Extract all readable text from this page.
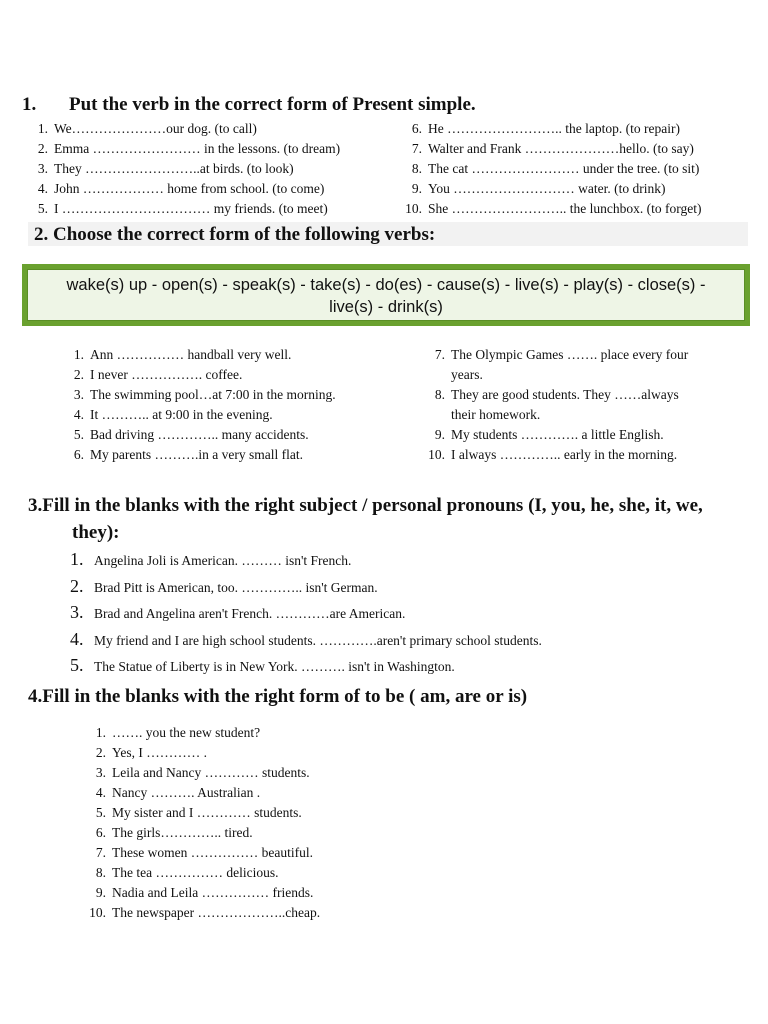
1. Put the verb in the correct form of Present simple.
1. We…………………our dog. (to call)
2. Emma …………………… in the lessons. (to dream)
3. They ……………………..at birds. (to look)
4. John ……………… home from school. (to come)
5. I …………………………… my friends. (to meet)
6. He …………………….. the laptop. (to repair)
7. Walter and Frank …………………hello. (to say)
8. The cat …………………… under the tree. (to sit)
9. You ……………………… water. (to drink)
10. She …………………….. the lunchbox. (to forget)
2. Choose the correct form of the following verbs:
wake(s) up - open(s) - speak(s) - take(s) - do(es) - cause(s) - live(s) - play(s) - close(s) -
live(s) - drink(s)
1. Ann …………… handball very well.
2. I never ……………. coffee.
3. The swimming pool…at 7:00 in the morning.
4. It ……….. at 9:00 in the evening.
5. Bad driving ………….. many accidents.
6. My parents ……….in a very small flat.
7. The Olympic Games ……. place every four
years.
8. They are good students. They ……always
their homework.
9. My students …………. a little English.
10. I always ………….. early in the morning.
3.Fill in the blanks with the right subject / personal pronouns (I, you, he, she, it, we,
they):
1. Angelina Joli is American. ……… isn't French.
2. Brad Pitt is American, too. ………….. isn't German.
3. Brad and Angelina aren't French. …………are American.
4. My friend and I are high school students. ………….aren't primary school students.
5. The Statue of Liberty is in New York. ………. isn't in Washington.
4.Fill in the blanks with the right form of to be ( am, are or is)
1. ……. you the new student?
2. Yes, I ………… .
3. Leila and Nancy ………… students.
4. Nancy ………. Australian .
5. My sister and I ………… students.
6. The girls………….. tired.
7. These women …………… beautiful.
8. The tea …………… delicious.
9. Nadia and Leila …………… friends.
10. The newspaper ………………..cheap.
